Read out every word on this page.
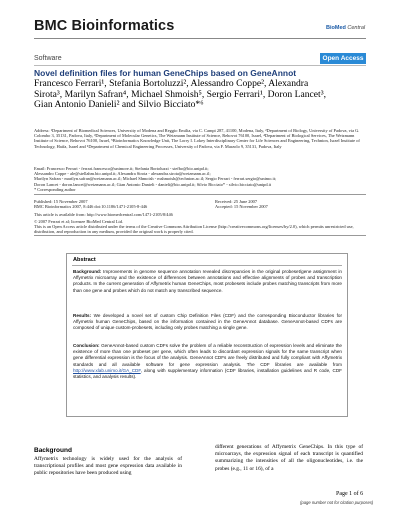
BMC Bioinformatics	BioMed Central
Software	Open Access
Novel definition files for human GeneChips based on GeneAnnot
Francesco Ferrari¹, Stefania Bortoluzzi², Alessandro Coppe², Alexandra Sirota³, Marilyn Safran⁴, Michael Shmoish⁵, Sergio Ferrari¹, Doron Lancet³, Gian Antonio Danieli² and Silvio Bicciato*⁶
Address: ¹Department of Biomedical Sciences, University of Modena and Reggio Emilia, via C. Campi 287, 41100, Modena, Italy, ²Department of Biology, University of Padova, via G. Colombo 3, 35131, Padova, Italy, ³Department of Molecular Genetics, The Weizmann Institute of Science, Rehovot 76100, Israel, ⁴Department of Biological Services, The Weizmann Institute of Science, Rehovot 76100, Israel, ⁵Bioinformatics Knowledge Unit, The Lorry I. Lokey Interdisciplinary Center for Life Sciences and Engineering, Technion, Israel Institute of Technology, Haifa, Israel and ⁶Department of Chemical Engineering Processes, University of Padova, via F. Marzolo 9, 35131, Padova, Italy
Email: Francesco Ferrari - ferrari.francesco@unimore.it; Stefania Bortoluzzi - stefbo@bio.unipd.it;
Alessandro Coppe - ale@stellahm.bio.unipd.it; Alexandra Sirota - alexandra.sirota@weizmann.ac.il;
Marilyn Safran - marilyn.safran@weizmann.ac.il; Michael Shmoish - mshmoish@technion.ac.il; Sergio Ferrari - ferrari.sergio@unimo.it;
Doron Lancet - doron.lancet@weizmann.ac.il; Gian Antonio Danieli - danieli@bio.unipd.it; Silvio Bicciato* - silvio.bicciato@unipd.it
* Corresponding author
Published: 15 November 2007
BMC Bioinformatics 2007, 8:446 doi:10.1186/1471-2105-8-446
Received: 25 June 2007
Accepted: 15 November 2007
This article is available from: http://www.biomedcentral.com/1471-2105/8/446
© 2007 Ferrari et al; licensee BioMed Central Ltd.
This is an Open Access article distributed under the terms of the Creative Commons Attribution License (http://creativecommons.org/licenses/by/2.0), which permits unrestricted use, distribution, and reproduction in any medium, provided the original work is properly cited.
Abstract
Background: Improvements in genome sequence annotation revealed discrepancies in the original probeset/gene assignment in Affymetrix microarray and the existence of differences between annotations and effective alignments of probes and transcription products. In the current generation of Affymetrix human GeneChips, most probesets include probes matching transcripts from more than one gene and probes which do not match any transcribed sequence.
Results: We developed a novel set of custom Chip Definition Files (CDF) and the corresponding Bioconductor libraries for Affymetrix human GeneChips, based on the information contained in the GeneAnnot database. GeneAnnot-based CDFs are composed of unique custom-probesets, including only probes matching a single gene.
Conclusion: GeneAnnot-based custom CDFs solve the problem of a reliable reconstruction of expression levels and eliminate the existence of more than one probeset per gene, which often leads to discordant expression signals for the same transcript when gene differential expression is the focus of the analysis. GeneAnnot CDFs are freely distributed and fully compliant with Affymetrix standards and all available software for gene expression analysis. The CDF libraries are available from http://www.xlab.unimo.it/GA_CDF, along with supplementary information (CDF libraries, installation guidelines and R code, CDF statistics, and analysis results).
Background
Affymetrix technology is widely used for the analysis of transcriptional profiles and most gene expression data available in public repositories have been produced using
different generations of Affymetrix GeneChips. In this type of microarrays, the expression signal of each transcript is quantified summarizing the intensities of all the oligonucleotides, i.e. the probes (e.g., 11 or 16), of a
Page 1 of 6
(page number not for citation purposes)
